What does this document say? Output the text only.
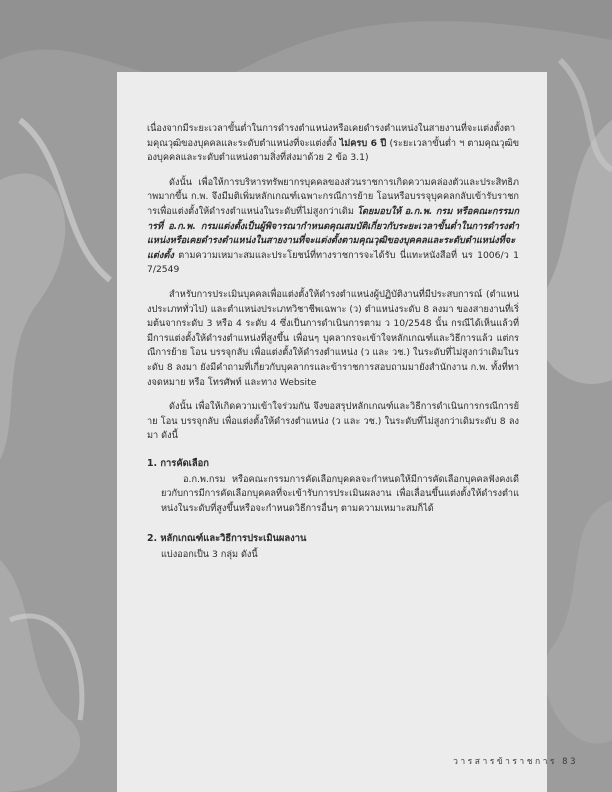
เนื่องจากมีระยะเวลาขั้นต่ำในการดำรงตำแหน่งหรือเคยดำรงตำแหน่งในสายงานที่จะแต่งตั้งตามคุณวุฒิของบุคคลและระดับตำแหน่งที่จะแต่งตั้ง ไม่ครบ 6 ปี (ระยะเวลาขั้นต่ำ ฯ ตามคุณวุฒิของบุคคลและระดับตำแหน่งตามสิ่งที่ส่งมาด้วย 2 ข้อ 3.1)

ดังนั้น เพื่อให้การบริหารทรัพยากรบุคคลของส่วนราชการเกิดความคล่องตัวและประสิทธิภาพมากขึ้น ก.พ. จึงมีมติเพิ่มหลักเกณฑ์เฉพาะกรณีการย้าย โอนหรือบรรจุบุคคลกลับเข้ารับราชการเพื่อแต่งตั้งให้ดำรงตำแหน่งในระดับที่ไม่สูงกว่าเดิม โดยมอบให้ อ.ก.พ. กรม หรือคณะกรรมการที่ อ.ก.พ. กรมแต่งตั้งเป็นผู้พิจารณากำหนดคุณสมบัติเกี่ยวกับระยะเวลาขั้นต่ำในการดำรงตำแหน่งหรือเคยดำรงตำแหน่งในสายงานที่จะแต่งตั้งตามคุณวุฒิของบุคคลและระดับตำแหน่งที่จะแต่งตั้ง ตามความเหมาะสมและประโยชน์ที่ทางราชการจะได้รับ นี่แทะหนังสือที่ นร 1006/ว 17/2549

สำหรับการประเมินบุคคลเพื่อแต่งตั้งให้ดำรงตำแหน่งผู้ปฏิบัติงานที่มีประสบการณ์ (ตำแหน่งประเภททั่วไป) และตำแหน่งประเภทวิชาชีพเฉพาะ (ว) ตำแหน่งระดับ 8 ลงมา ของสายงานที่เริ่มต้นจากระดับ 3 หรือ 4 ระดับ 4 ซึ่งเป็นการดำเนินการตาม ว 10/2548 นั้น กรณีได้เห็นแล้วที่มีการแต่งตั้งให้ดำรงตำแหน่งที่สูงขึ้น เพื่อนๆ บุคลากรจะเข้าใจหลักเกณฑ์และวิธีการแล้ว แต่กรณีการย้าย โอน บรรจุกลับ เพื่อแต่งตั้งให้ดำรงตำแหน่ง (ว และ วช.) ในระดับที่ไม่สูงกว่าเดิมในระดับ 8 ลงมา ยังมีคำถามที่เกี่ยวกับบุคลากรและข้าราชการสอบถามมายังสำนักงาน ก.พ. ทั้งที่ทางจดหมาย หรือ โทรศัพท์ และทาง Website

ดังนั้น เพื่อให้เกิดความเข้าใจร่วมกัน จึงขอสรุปหลักเกณฑ์และวิธีการดำเนินการกรณีการย้าย โอน บรรจุกลับ เพื่อแต่งตั้งให้ดำรงตำแหน่ง (ว และ วช.) ในระดับที่ไม่สูงกว่าเดิมระดับ 8 ลงมา ดังนี้

1. การคัดเลือก

อ.ก.พ.กรม หรือคณะกรรมการคัดเลือกบุคคลจะกำหนดให้มีการคัดเลือกบุคคลฟังคงเดียวกับการมีการคัดเลือกบุคคลที่จะเข้ารับการประเมินผลงาน เพื่อเลื่อนขึ้นแต่งตั้งให้ดำรงตำแหน่งในระดับที่สูงขึ้นหรือจะกำหนดวิธีการอื่นๆ ตามความเหมาะสมก็ได้

2. หลักเกณฑ์และวิธีการประเมินผลงาน

แบ่งออกเป็น 3 กลุ่ม ดังนี้

วารสารข้าราชการ 83
